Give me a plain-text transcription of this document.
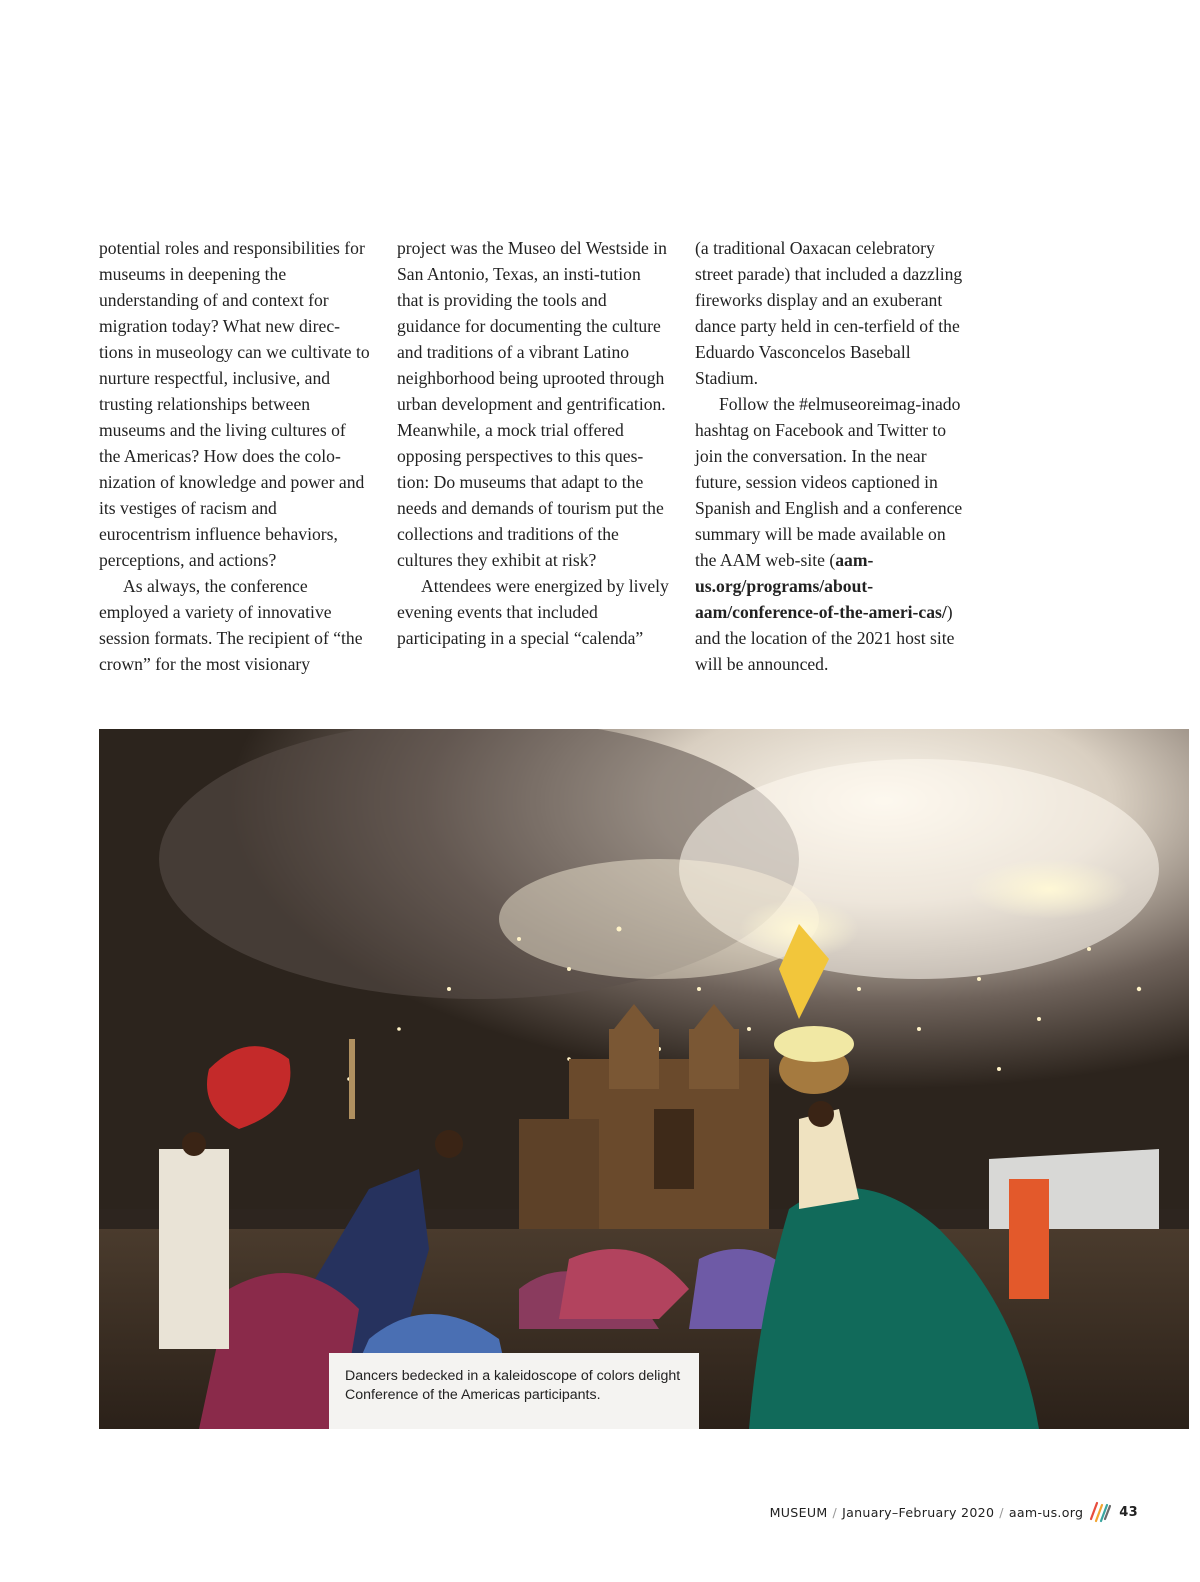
potential roles and responsibilities for museums in deepening the understanding of and context for migration today? What new direc-tions in museology can we cultivate to nurture respectful, inclusive, and trusting relationships between museums and the living cultures of the Americas? How does the colo-nization of knowledge and power and its vestiges of racism and eurocentrism influence behaviors, perceptions, and actions?

As always, the conference employed a variety of innovative session formats. The recipient of “the crown” for the most visionary

project was the Museo del Westside in San Antonio, Texas, an insti-tution that is providing the tools and guidance for documenting the culture and traditions of a vibrant Latino neighborhood being uprooted through urban development and gentrification. Meanwhile, a mock trial offered opposing perspectives to this ques-tion: Do museums that adapt to the needs and demands of tourism put the collections and traditions of the cultures they exhibit at risk?

Attendees were energized by lively evening events that included participating in a special “calenda”

(a traditional Oaxacan celebratory street parade) that included a dazzling fireworks display and an exuberant dance party held in cen-terfield of the Eduardo Vasconcelos Baseball Stadium.

Follow the #elmuseoreimag-inado hashtag on Facebook and Twitter to join the conversation. In the near future, session videos captioned in Spanish and English and a conference summary will be made available on the AAM web-site (aam-us.org/programs/about-aam/conference-of-the-ameri-cas/) and the location of the 2021 host site will be announced.

Dancers bedecked in a kaleidoscope of colors delight Conference of the Americas participants.
MUSEUM / January–February 2020 / aam-us.org	43
